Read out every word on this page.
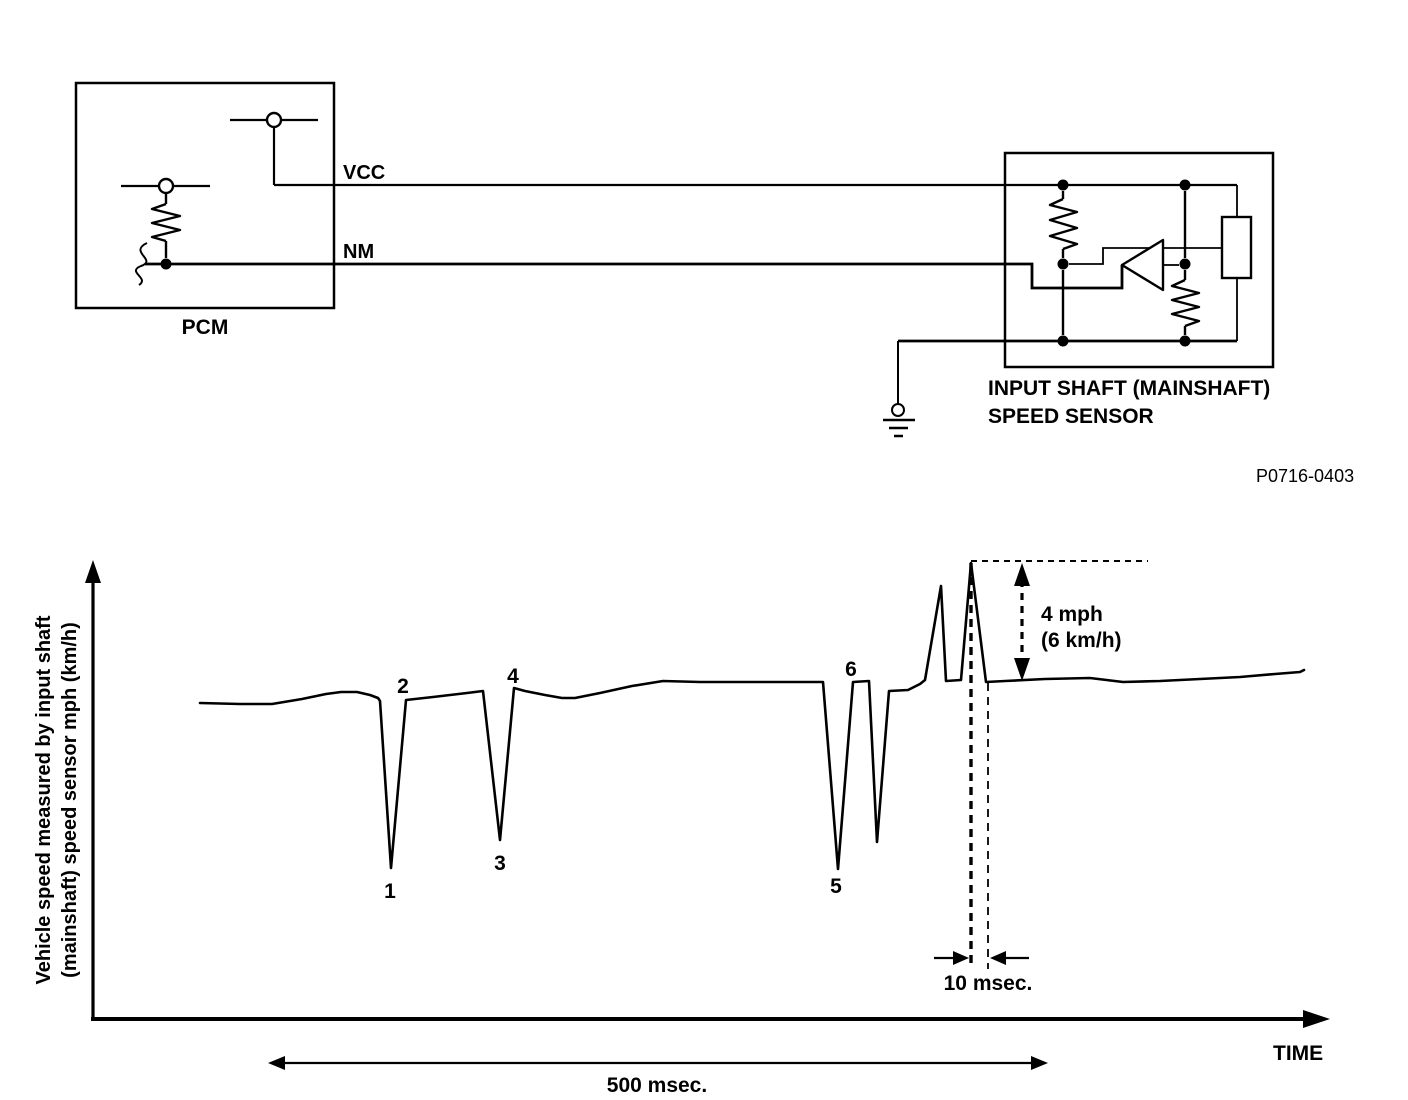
PCM
VCC
NM
INPUT SHAFT (MAINSHAFT)
SPEED SENSOR
P0716-0403
Vehicle speed measured by input shaft (mainshaft) speed sensor mph (km/h)
TIME
1
2
3
4
5
6
4 mph
(6 km/h)
10 msec.
500 msec.
